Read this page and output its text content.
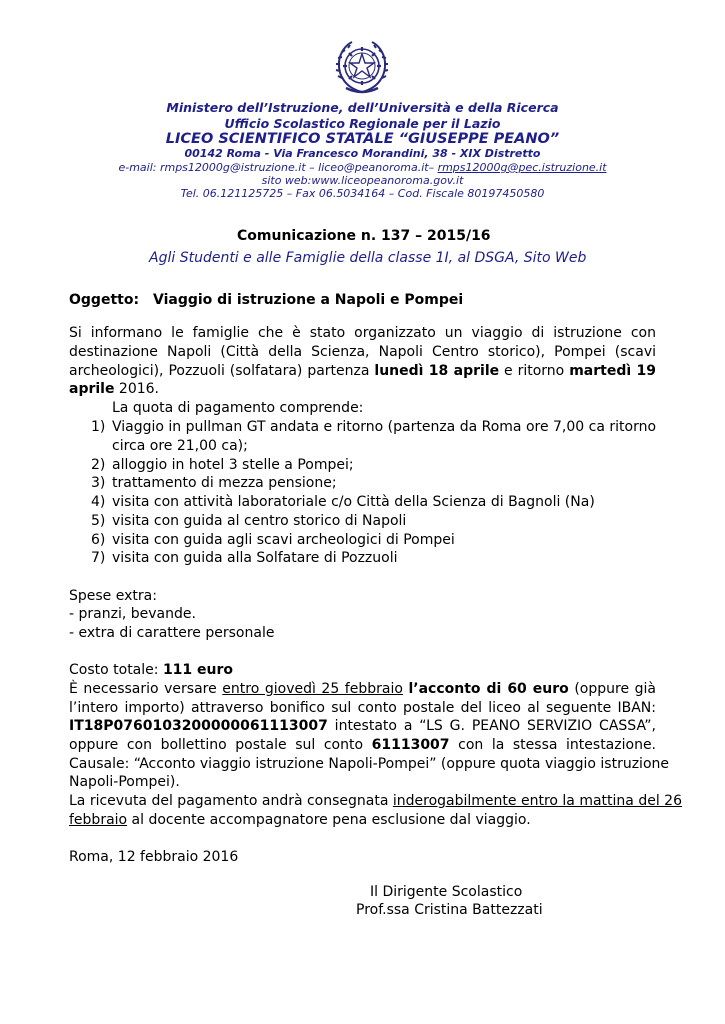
Ministero dell’Istruzione, dell’Università e della Ricerca
Ufficio Scolastico Regionale per il Lazio
LICEO SCIENTIFICO STATALE “GIUSEPPE PEANO”
00142 Roma - Via Francesco Morandini, 38 - XIX Distretto
e-mail: rmps12000g@istruzione.it – liceo@peanoroma.it– rmps12000g@pec.istruzione.it
sito web:www.liceopeanoroma.gov.it
Tel. 06.121125725 – Fax 06.5034164 – Cod. Fiscale 80197450580
Comunicazione n. 137 – 2015/16
Agli Studenti e alle Famiglie della classe 1I, al DSGA, Sito Web
Oggetto: Viaggio di istruzione a Napoli e Pompei
Si informano le famiglie che è stato organizzato un viaggio di istruzione con
destinazione Napoli (Città della Scienza, Napoli Centro storico), Pompei (scavi
archeologici), Pozzuoli (solfatara) partenza lunedì 18 aprile e ritorno martedì 19
aprile 2016.
La quota di pagamento comprende:
1) Viaggio in pullman GT andata e ritorno (partenza da Roma ore 7,00 ca ritorno
circa ore 21,00 ca);
2) alloggio in hotel 3 stelle a Pompei;
3) trattamento di mezza pensione;
4) visita con attività laboratoriale c/o Città della Scienza di Bagnoli (Na)
5) visita con guida al centro storico di Napoli
6) visita con guida agli scavi archeologici di Pompei
7) visita con guida alla Solfatare di Pozzuoli
Spese extra:
- pranzi, bevande.
- extra di carattere personale
Costo totale: 111 euro
È necessario versare entro giovedì 25 febbraio l’acconto di 60 euro (oppure già
l’intero importo) attraverso bonifico sul conto postale del liceo al seguente IBAN:
IT18P0760103200000061113007 intestato a “LS G. PEANO SERVIZIO CASSA”,
oppure con bollettino postale sul conto 61113007 con la stessa intestazione.
Causale: “Acconto viaggio istruzione Napoli-Pompei” (oppure quota viaggio istruzione
Napoli-Pompei).
La ricevuta del pagamento andrà consegnata inderogabilmente entro la mattina del 26
febbraio al docente accompagnatore pena esclusione dal viaggio.
Roma, 12 febbraio 2016
Il Dirigente Scolastico
Prof.ssa Cristina Battezzati
